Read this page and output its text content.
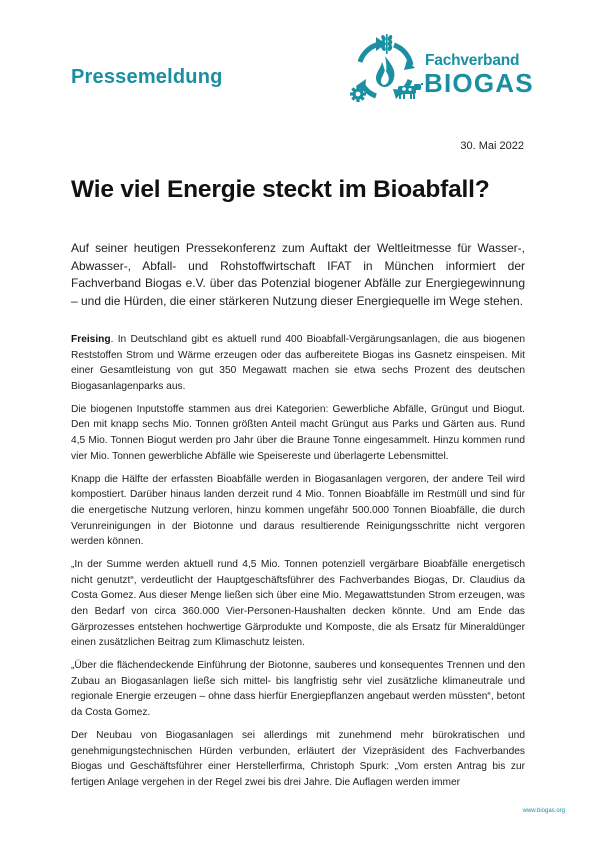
Pressemeldung
Fachverband
BIOGAS
30. Mai 2022
Wie viel Energie steckt im Bioabfall?

Auf seiner heutigen Pressekonferenz zum Auftakt der Weltleitmesse für Wasser-, Abwasser-, Abfall- und Rohstoffwirtschaft IFAT in München informiert der Fachverband Biogas e.V. über das Potenzial biogener Abfälle zur Energiegewinnung – und die Hürden, die einer stärkeren Nutzung dieser Energiequelle im Wege stehen.

Freising. In Deutschland gibt es aktuell rund 400 Bioabfall-Vergärungsanlagen, die aus biogenen Reststoffen Strom und Wärme erzeugen oder das aufbereitete Biogas ins Gasnetz einspeisen. Mit einer Gesamtleistung von gut 350 Megawatt machen sie etwa sechs Prozent des deutschen Biogasanlagenparks aus.

Die biogenen Inputstoffe stammen aus drei Kategorien: Gewerbliche Abfälle, Grüngut und Biogut. Den mit knapp sechs Mio. Tonnen größten Anteil macht Grüngut aus Parks und Gärten aus. Rund 4,5 Mio. Tonnen Biogut werden pro Jahr über die Braune Tonne eingesammelt. Hinzu kommen rund vier Mio. Tonnen gewerbliche Abfälle wie Speisereste und überlagerte Lebensmittel.

Knapp die Hälfte der erfassten Bioabfälle werden in Biogasanlagen vergoren, der andere Teil wird kompostiert. Darüber hinaus landen derzeit rund 4 Mio. Tonnen Bioabfälle im Restmüll und sind für die energetische Nutzung verloren, hinzu kommen ungefähr 500.000 Tonnen Bioabfälle, die durch Verunreinigungen in der Biotonne und daraus resultierende Reinigungsschritte nicht vergoren werden können.

„In der Summe werden aktuell rund 4,5 Mio. Tonnen potenziell vergärbare Bioabfälle energetisch nicht genutzt“, verdeutlicht der Hauptgeschäftsführer des Fachverbandes Biogas, Dr. Claudius da Costa Gomez. Aus dieser Menge ließen sich über eine Mio. Megawattstunden Strom erzeugen, was den Bedarf von circa 360.000 Vier-Personen-Haushalten decken könnte. Und am Ende das Gärprozesses entstehen hochwertige Gärprodukte und Komposte, die als Ersatz für Mineraldünger einen zusätzlichen Beitrag zum Klimaschutz leisten.

„Über die flächendeckende Einführung der Biotonne, sauberes und konsequentes Trennen und den Zubau an Biogasanlagen ließe sich mittel- bis langfristig sehr viel zusätzliche klimaneutrale und regionale Energie erzeugen – ohne dass hierfür Energiepflanzen angebaut werden müssten“, betont da Costa Gomez.

Der Neubau von Biogasanlagen sei allerdings mit zunehmend mehr bürokratischen und genehmigungstechnischen Hürden verbunden, erläutert der Vizepräsident des Fachverbandes Biogas und Geschäftsführer einer Herstellerfirma, Christoph Spurk: „Vom ersten Antrag bis zur fertigen Anlage vergehen in der Regel zwei bis drei Jahre. Die Auflagen werden immer

www.biogas.org
